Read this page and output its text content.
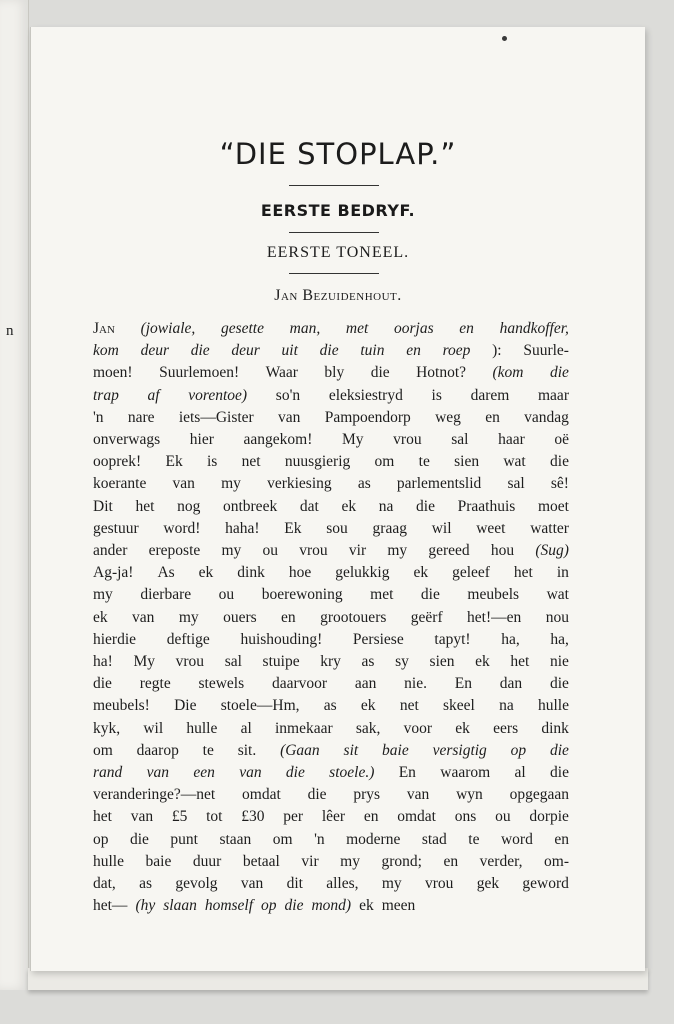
n
“DIE STOPLAP.”
EERSTE BEDRYF.
EERSTE TONEEL.
Jan Bezuidenhout.
Jan (jowiale, gesette man, met oorjas en handkoffer,
kom deur die deur uit die tuin en roep ): Suurle-
moen! Suurlemoen! Waar bly die Hotnot? (kom die
trap af vorentoe) so'n eleksiestryd is darem maar
'n nare iets—Gister van Pampoendorp weg en vandag
onverwags hier aangekom! My vrou sal haar oë
ooprek! Ek is net nuusgierig om te sien wat die
koerante van my verkiesing as parlementslid sal sê!
Dit het nog ontbreek dat ek na die Praathuis moet
gestuur word! haha! Ek sou graag wil weet watter
ander ereposte my ou vrou vir my gereed hou (Sug)
Ag-ja! As ek dink hoe gelukkig ek geleef het in
my dierbare ou boerewoning met die meubels wat
ek van my ouers en grootouers geërf het!—en nou
hierdie deftige huishouding! Persiese tapyt! ha, ha,
ha! My vrou sal stuipe kry as sy sien ek het nie
die regte stewels daarvoor aan nie. En dan die
meubels! Die stoele—Hm, as ek net skeel na hulle
kyk, wil hulle al inmekaar sak, voor ek eers dink
om daarop te sit. (Gaan sit baie versigtig op die
rand van een van die stoele.) En waarom al die
veranderinge?—net omdat die prys van wyn opgegaan
het van £5 tot £30 per lêer en omdat ons ou dorpie
op die punt staan om 'n moderne stad te word en
hulle baie duur betaal vir my grond; en verder, om-
dat, as gevolg van dit alles, my vrou gek geword
het— (hy slaan homself op die mond) ek meen
